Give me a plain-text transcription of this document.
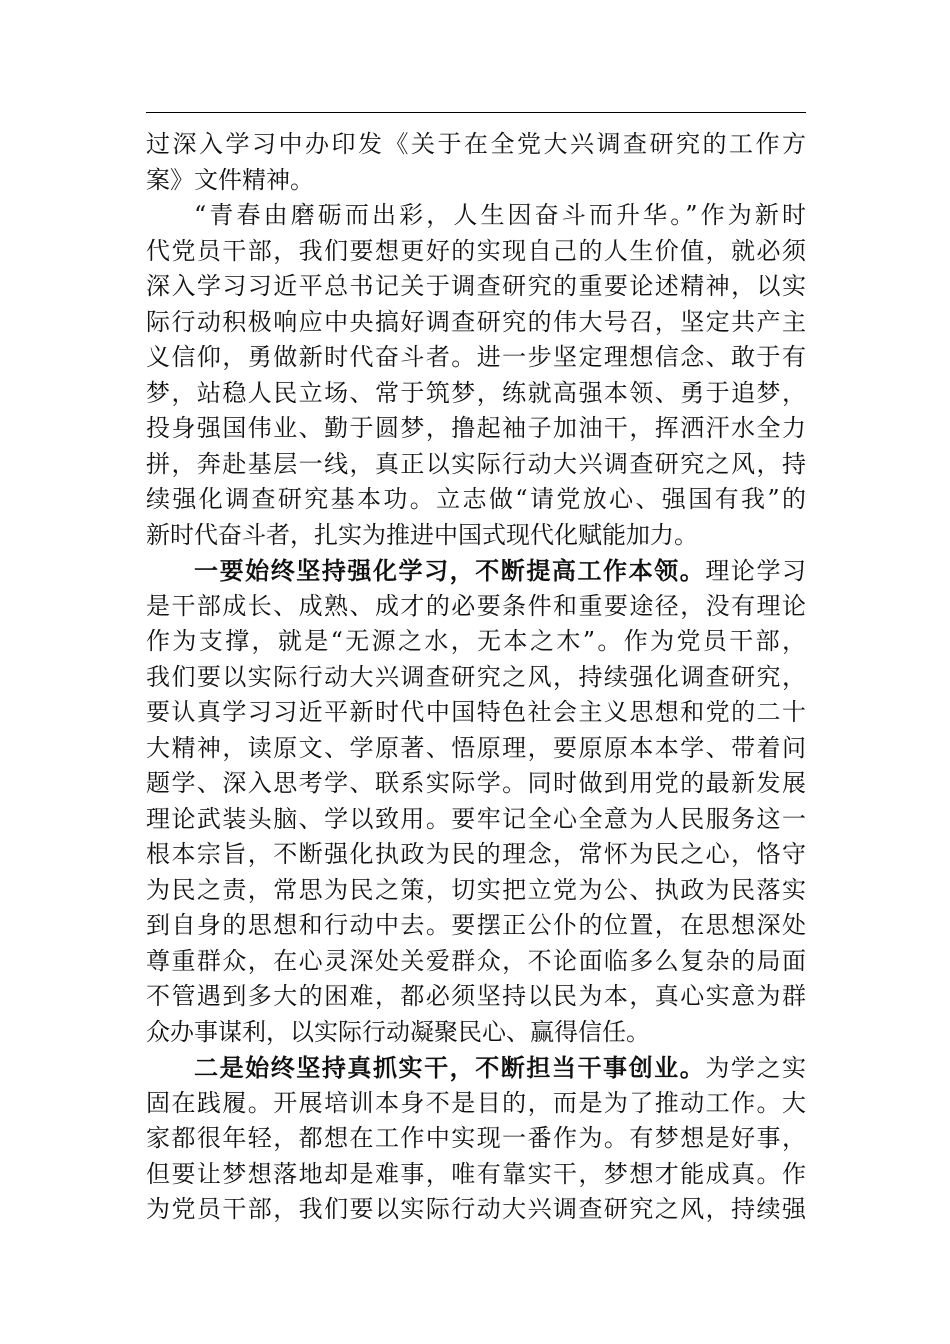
过深入学习中办印发《关于在全党大兴调查研究的工作方
案》文件精神。
“青春由磨砺而出彩，人生因奋斗而升华。”作为新时
代党员干部，我们要想更好的实现自己的人生价值，就必须
深入学习习近平总书记关于调查研究的重要论述精神，以实
际行动积极响应中央搞好调查研究的伟大号召，坚定共产主
义信仰，勇做新时代奋斗者。进一步坚定理想信念、敢于有
梦，站稳人民立场、常于筑梦，练就高强本领、勇于追梦，
投身强国伟业、勤于圆梦，撸起袖子加油干，挥洒汗水全力
拼，奔赴基层一线，真正以实际行动大兴调查研究之风，持
续强化调查研究基本功。立志做“请党放心、强国有我”的
新时代奋斗者，扎实为推进中国式现代化赋能加力。
一要始终坚持强化学习，不断提高工作本领。理论学习
是干部成长、成熟、成才的必要条件和重要途径，没有理论
作为支撑，就是“无源之水，无本之木”。作为党员干部，
我们要以实际行动大兴调查研究之风，持续强化调查研究，
要认真学习习近平新时代中国特色社会主义思想和党的二十
大精神，读原文、学原著、悟原理，要原原本本学、带着问
题学、深入思考学、联系实际学。同时做到用党的最新发展
理论武装头脑、学以致用。要牢记全心全意为人民服务这一
根本宗旨，不断强化执政为民的理念，常怀为民之心，恪守
为民之责，常思为民之策，切实把立党为公、执政为民落实
到自身的思想和行动中去。要摆正公仆的位置，在思想深处
尊重群众，在心灵深处关爱群众，不论面临多么复杂的局面
不管遇到多大的困难，都必须坚持以民为本，真心实意为群
众办事谋利，以实际行动凝聚民心、赢得信任。
二是始终坚持真抓实干，不断担当干事创业。为学之实
固在践履。开展培训本身不是目的，而是为了推动工作。大
家都很年轻，都想在工作中实现一番作为。有梦想是好事，
但要让梦想落地却是难事，唯有靠实干，梦想才能成真。作
为党员干部，我们要以实际行动大兴调查研究之风，持续强
